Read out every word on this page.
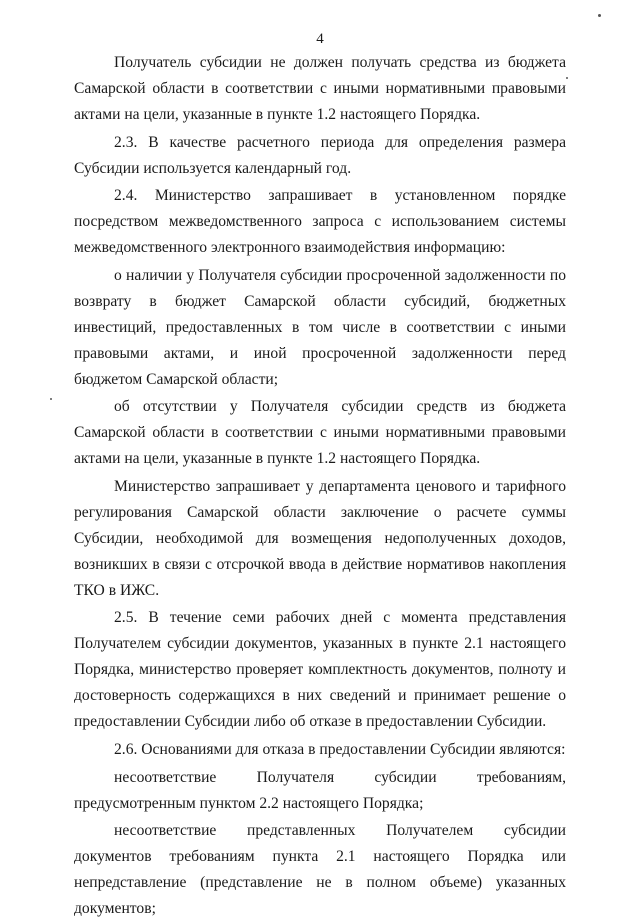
4

Получатель субсидии не должен получать средства из бюджета Самарской области в соответствии с иными нормативными правовыми актами на цели, указанные в пункте 1.2 настоящего Порядка.

2.3. В качестве расчетного периода для определения размера Субсидии используется календарный год.

2.4. Министерство запрашивает в установленном порядке посредством межведомственного запроса с использованием системы межведомственного электронного взаимодействия информацию:

о наличии у Получателя субсидии просроченной задолженности по возврату в бюджет Самарской области субсидий, бюджетных инвестиций, предоставленных в том числе в соответствии с иными правовыми актами, и иной просроченной задолженности перед бюджетом Самарской области;

об отсутствии у Получателя субсидии средств из бюджета Самарской области в соответствии с иными нормативными правовыми актами на цели, указанные в пункте 1.2 настоящего Порядка.

Министерство запрашивает у департамента ценового и тарифного регулирования Самарской области заключение о расчете суммы Субсидии, необходимой для возмещения недополученных доходов, возникших в связи с отсрочкой ввода в действие нормативов накопления ТКО в ИЖС.

2.5. В течение семи рабочих дней с момента представления Получателем субсидии документов, указанных в пункте 2.1 настоящего Порядка, министерство проверяет комплектность документов, полноту и достоверность содержащихся в них сведений и принимает решение о предоставлении Субсидии либо об отказе в предоставлении Субсидии.

2.6. Основаниями для отказа в предоставлении Субсидии являются:

несоответствие Получателя субсидии требованиям, предусмотренным пунктом 2.2 настоящего Порядка;

несоответствие представленных Получателем субсидии документов требованиям пункта 2.1 настоящего Порядка или непредставление (представление не в полном объеме) указанных документов;
